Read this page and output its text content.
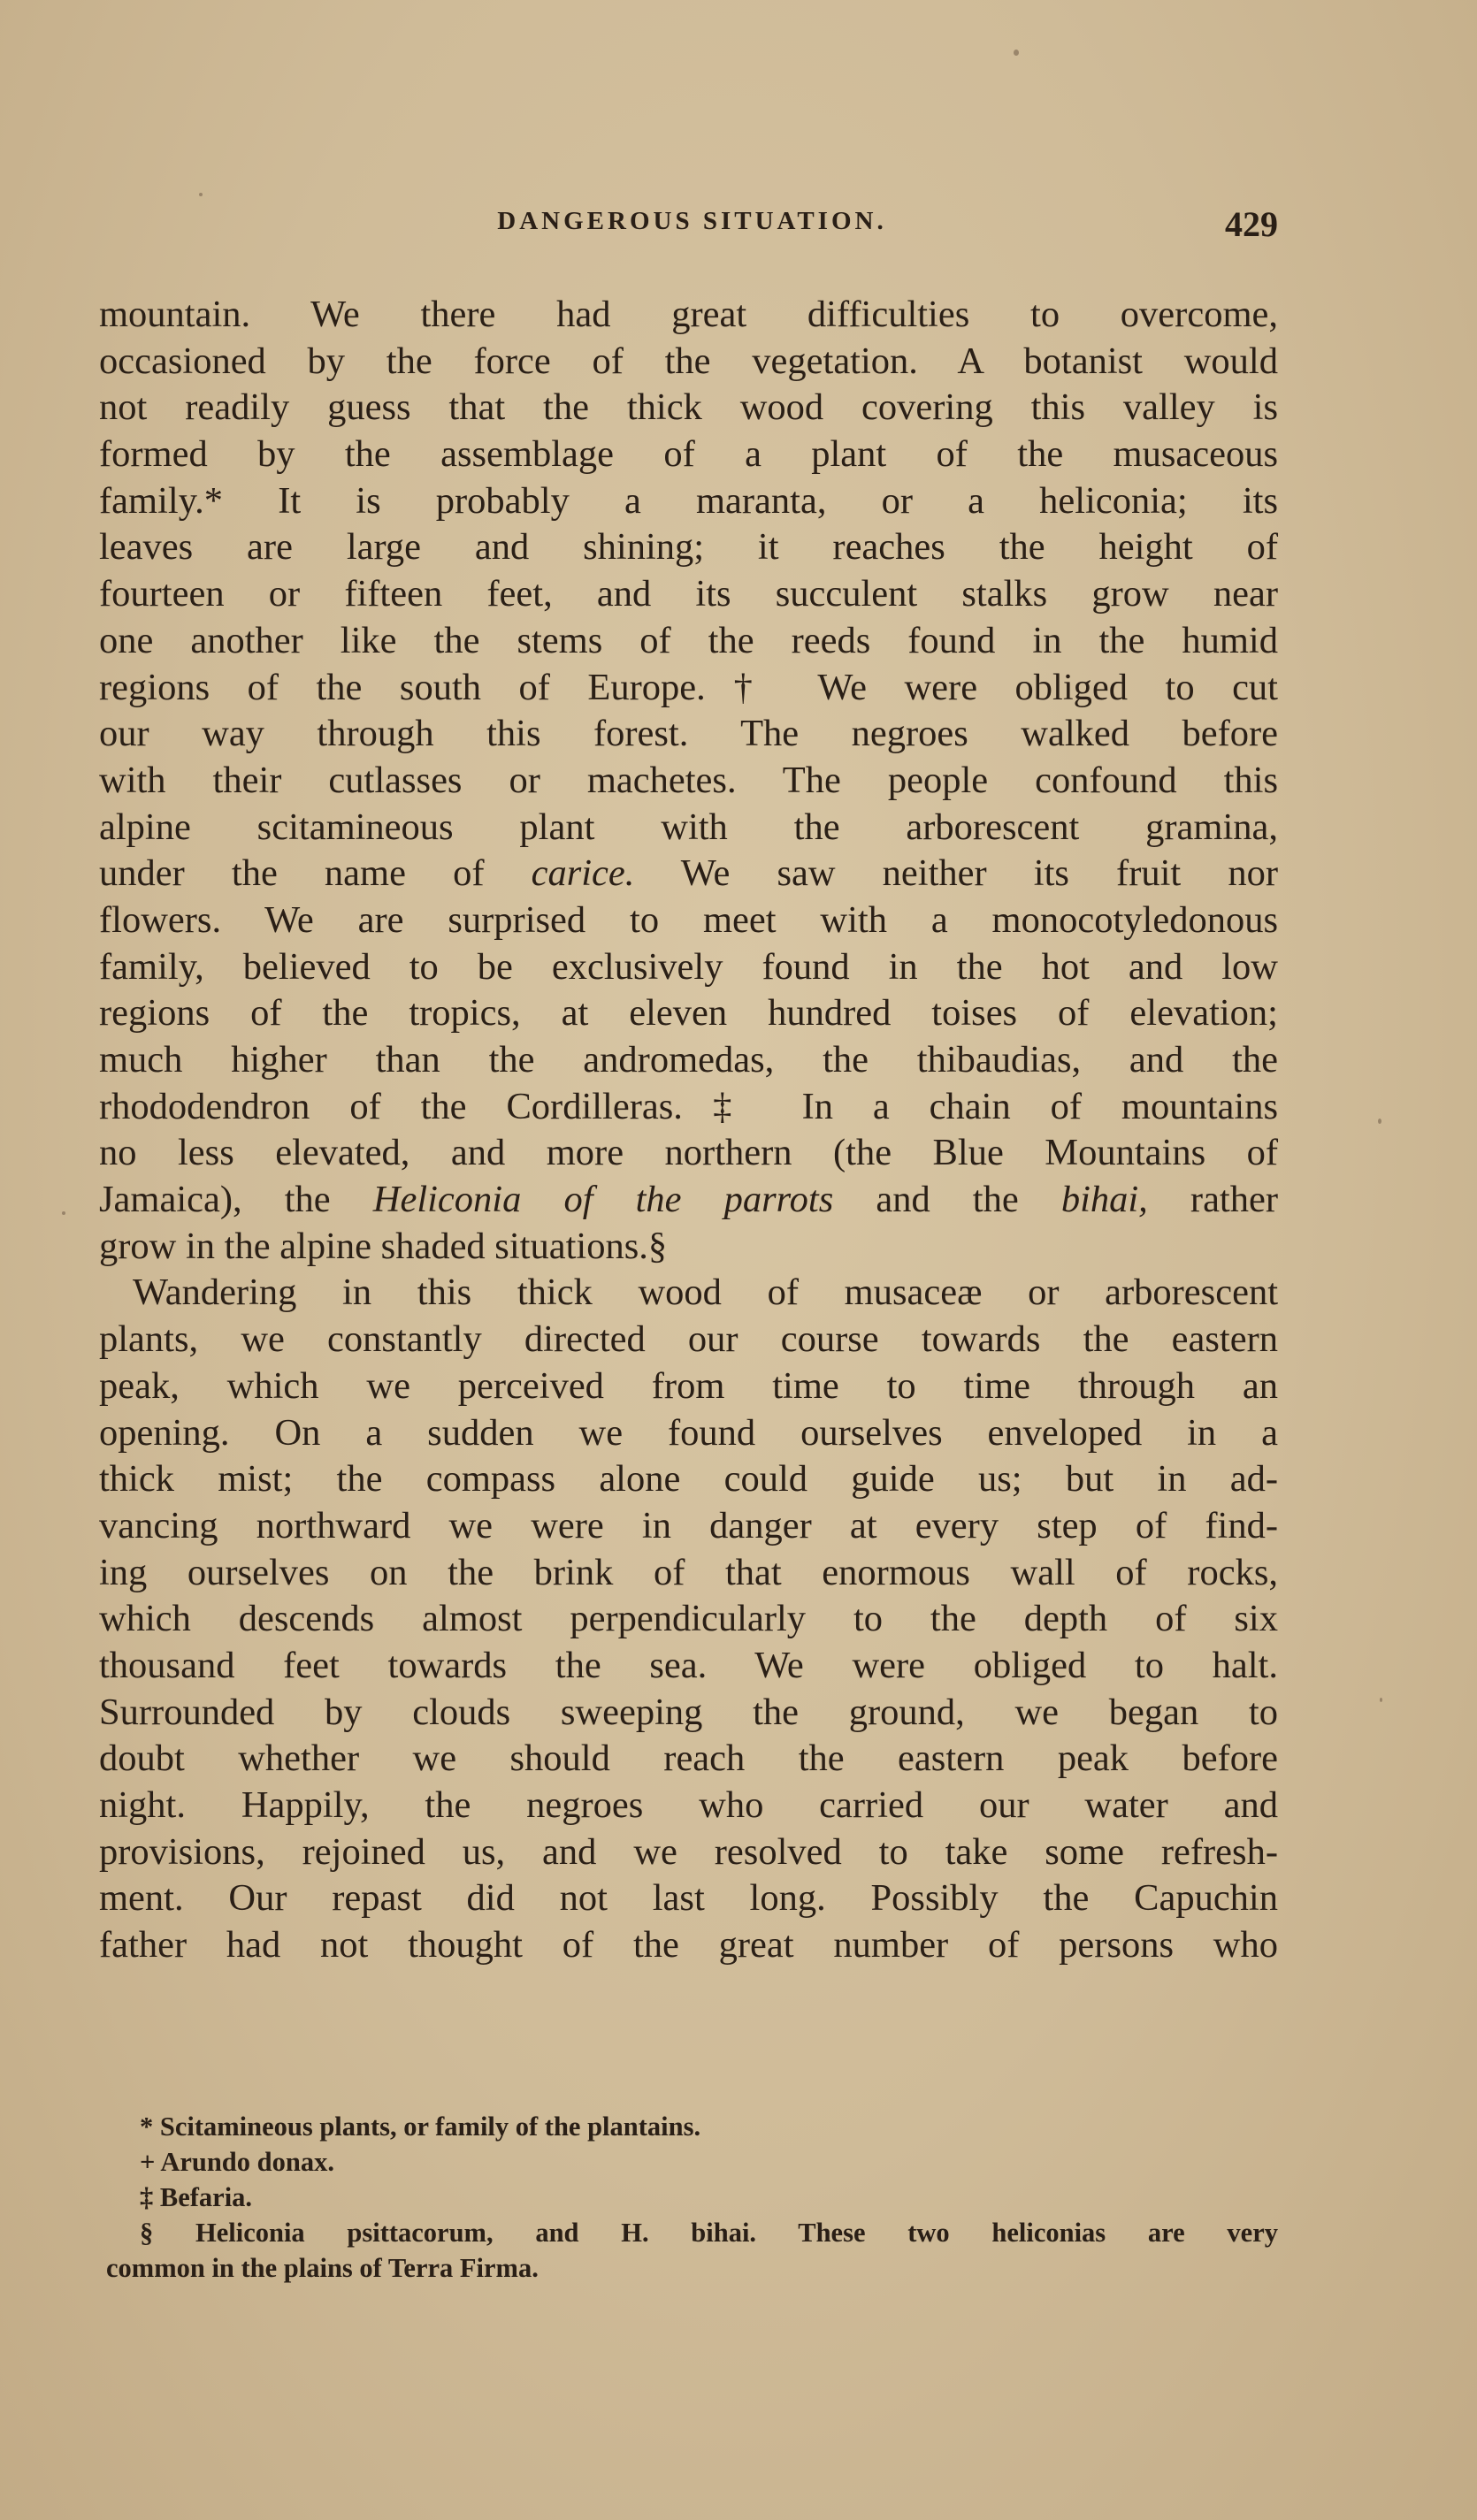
DANGEROUS SITUATION.	429
mountain. We there had great difficulties to overcome,
occasioned by the force of the vegetation. A botanist would
not readily guess that the thick wood covering this valley is
formed by the assemblage of a plant of the musaceous
family.* It is probably a maranta, or a heliconia; its
leaves are large and shining; it reaches the height of
fourteen or fifteen feet, and its succulent stalks grow near
one another like the stems of the reeds found in the humid
regions of the south of Europe.† We were obliged to cut
our way through this forest. The negroes walked before
with their cutlasses or machetes. The people confound this
alpine scitamineous plant with the arborescent gramina,
under the name of carice. We saw neither its fruit nor
flowers. We are surprised to meet with a monocotyledonous
family, believed to be exclusively found in the hot and low
regions of the tropics, at eleven hundred toises of elevation;
much higher than the andromedas, the thibaudias, and the
rhododendron of the Cordilleras.‡ In a chain of mountains
no less elevated, and more northern (the Blue Mountains of
Jamaica), the Heliconia of the parrots and the bihai, rather
grow in the alpine shaded situations.§
Wandering in this thick wood of musaceæ or arborescent
plants, we constantly directed our course towards the eastern
peak, which we perceived from time to time through an
opening. On a sudden we found ourselves enveloped in a
thick mist; the compass alone could guide us; but in ad-
vancing northward we were in danger at every step of find-
ing ourselves on the brink of that enormous wall of rocks,
which descends almost perpendicularly to the depth of six
thousand feet towards the sea. We were obliged to halt.
Surrounded by clouds sweeping the ground, we began to
doubt whether we should reach the eastern peak before
night. Happily, the negroes who carried our water and
provisions, rejoined us, and we resolved to take some refresh-
ment. Our repast did not last long. Possibly the Capuchin
father had not thought of the great number of persons who
* Scitamineous plants, or family of the plantains.
+ Arundo donax.
‡ Befaria.
§ Heliconia psittacorum, and H. bihai. These two heliconias are very
common in the plains of Terra Firma.
